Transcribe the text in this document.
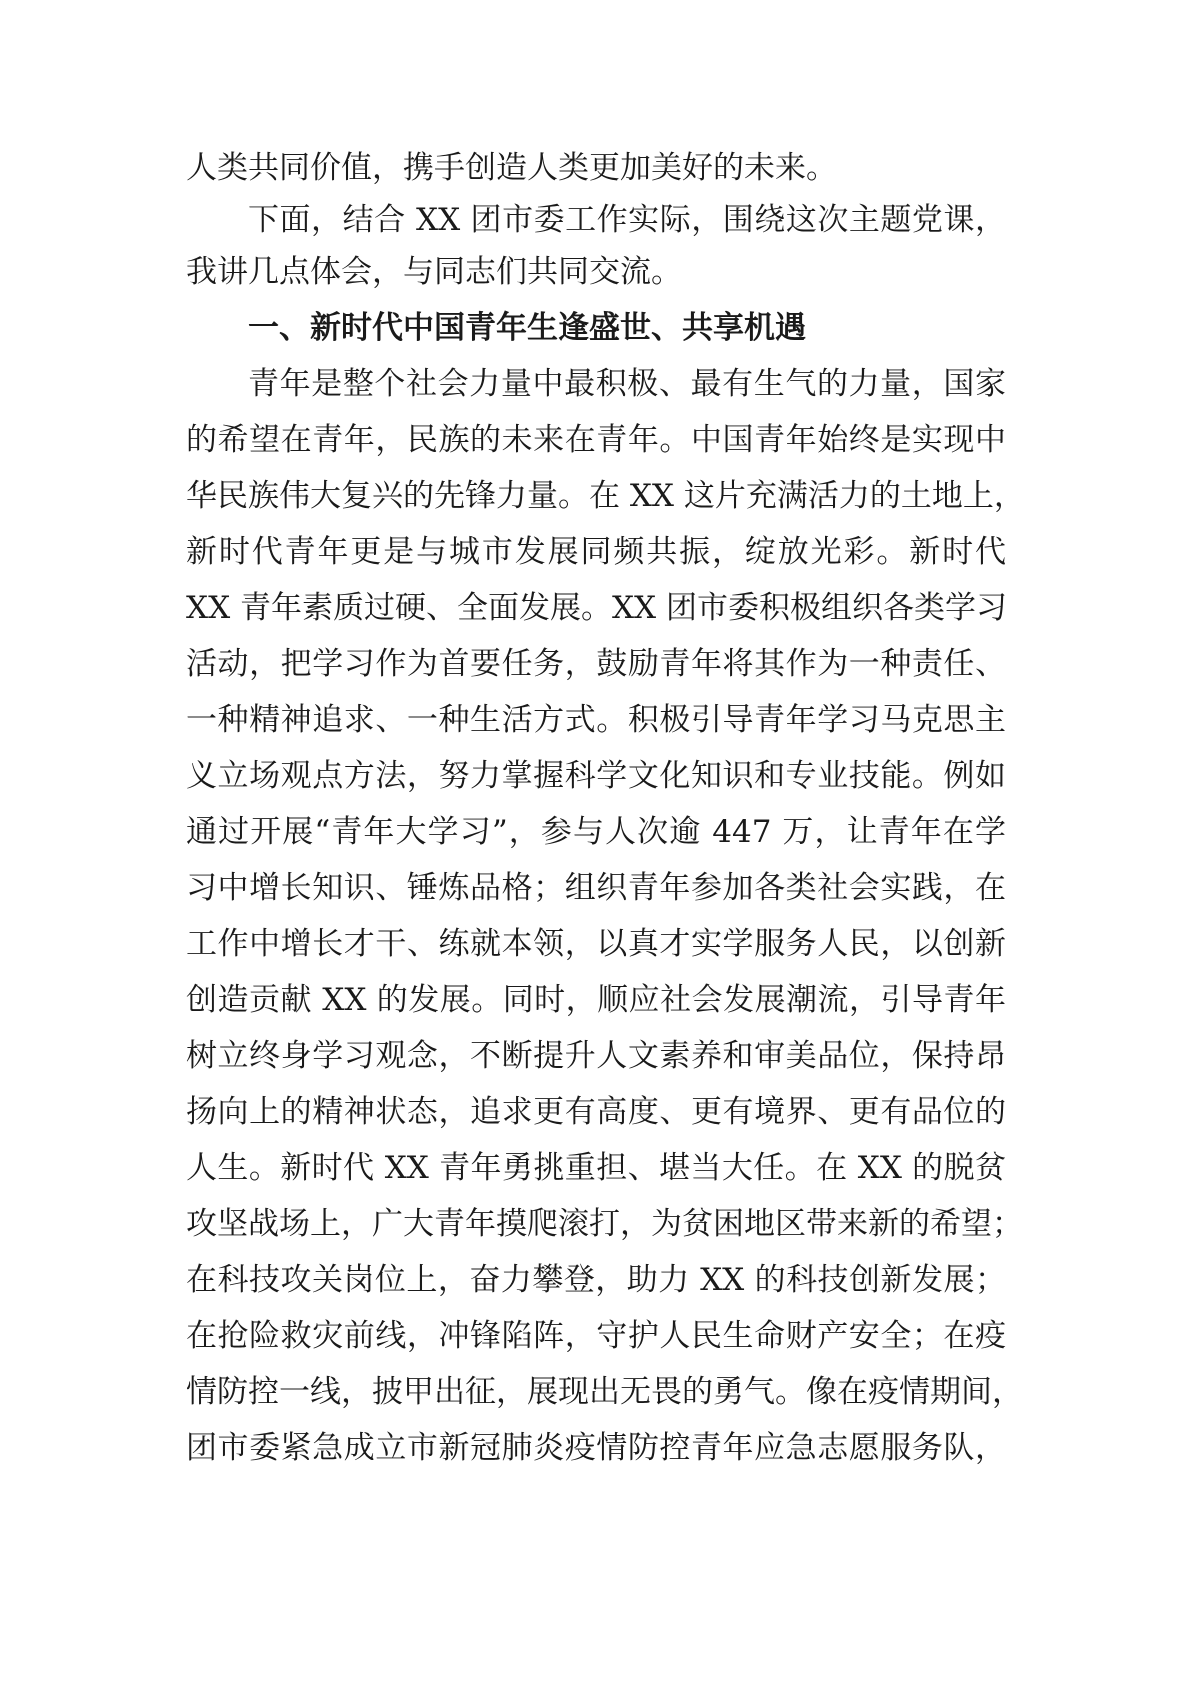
人类共同价值，携手创造人类更加美好的未来。
下面，结合 XX 团市委工作实际，围绕这次主题党课，
我讲几点体会，与同志们共同交流。
一、新时代中国青年生逢盛世、共享机遇
青年是整个社会力量中最积极、最有生气的力量，国家
的希望在青年，民族的未来在青年。中国青年始终是实现中
华民族伟大复兴的先锋力量。在 XX 这片充满活力的土地上，
新时代青年更是与城市发展同频共振，绽放光彩。新时代
XX 青年素质过硬、全面发展。XX 团市委积极组织各类学习
活动，把学习作为首要任务，鼓励青年将其作为一种责任、
一种精神追求、一种生活方式。积极引导青年学习马克思主
义立场观点方法，努力掌握科学文化知识和专业技能。例如
通过开展“青年大学习”，参与人次逾 447 万，让青年在学
习中增长知识、锤炼品格；组织青年参加各类社会实践，在
工作中增长才干、练就本领，以真才实学服务人民，以创新
创造贡献 XX 的发展。同时，顺应社会发展潮流，引导青年
树立终身学习观念，不断提升人文素养和审美品位，保持昂
扬向上的精神状态，追求更有高度、更有境界、更有品位的
人生。新时代 XX 青年勇挑重担、堪当大任。在 XX 的脱贫
攻坚战场上，广大青年摸爬滚打，为贫困地区带来新的希望；
在科技攻关岗位上，奋力攀登，助力 XX 的科技创新发展；
在抢险救灾前线，冲锋陷阵，守护人民生命财产安全；在疫
情防控一线，披甲出征，展现出无畏的勇气。像在疫情期间，
团市委紧急成立市新冠肺炎疫情防控青年应急志愿服务队，
